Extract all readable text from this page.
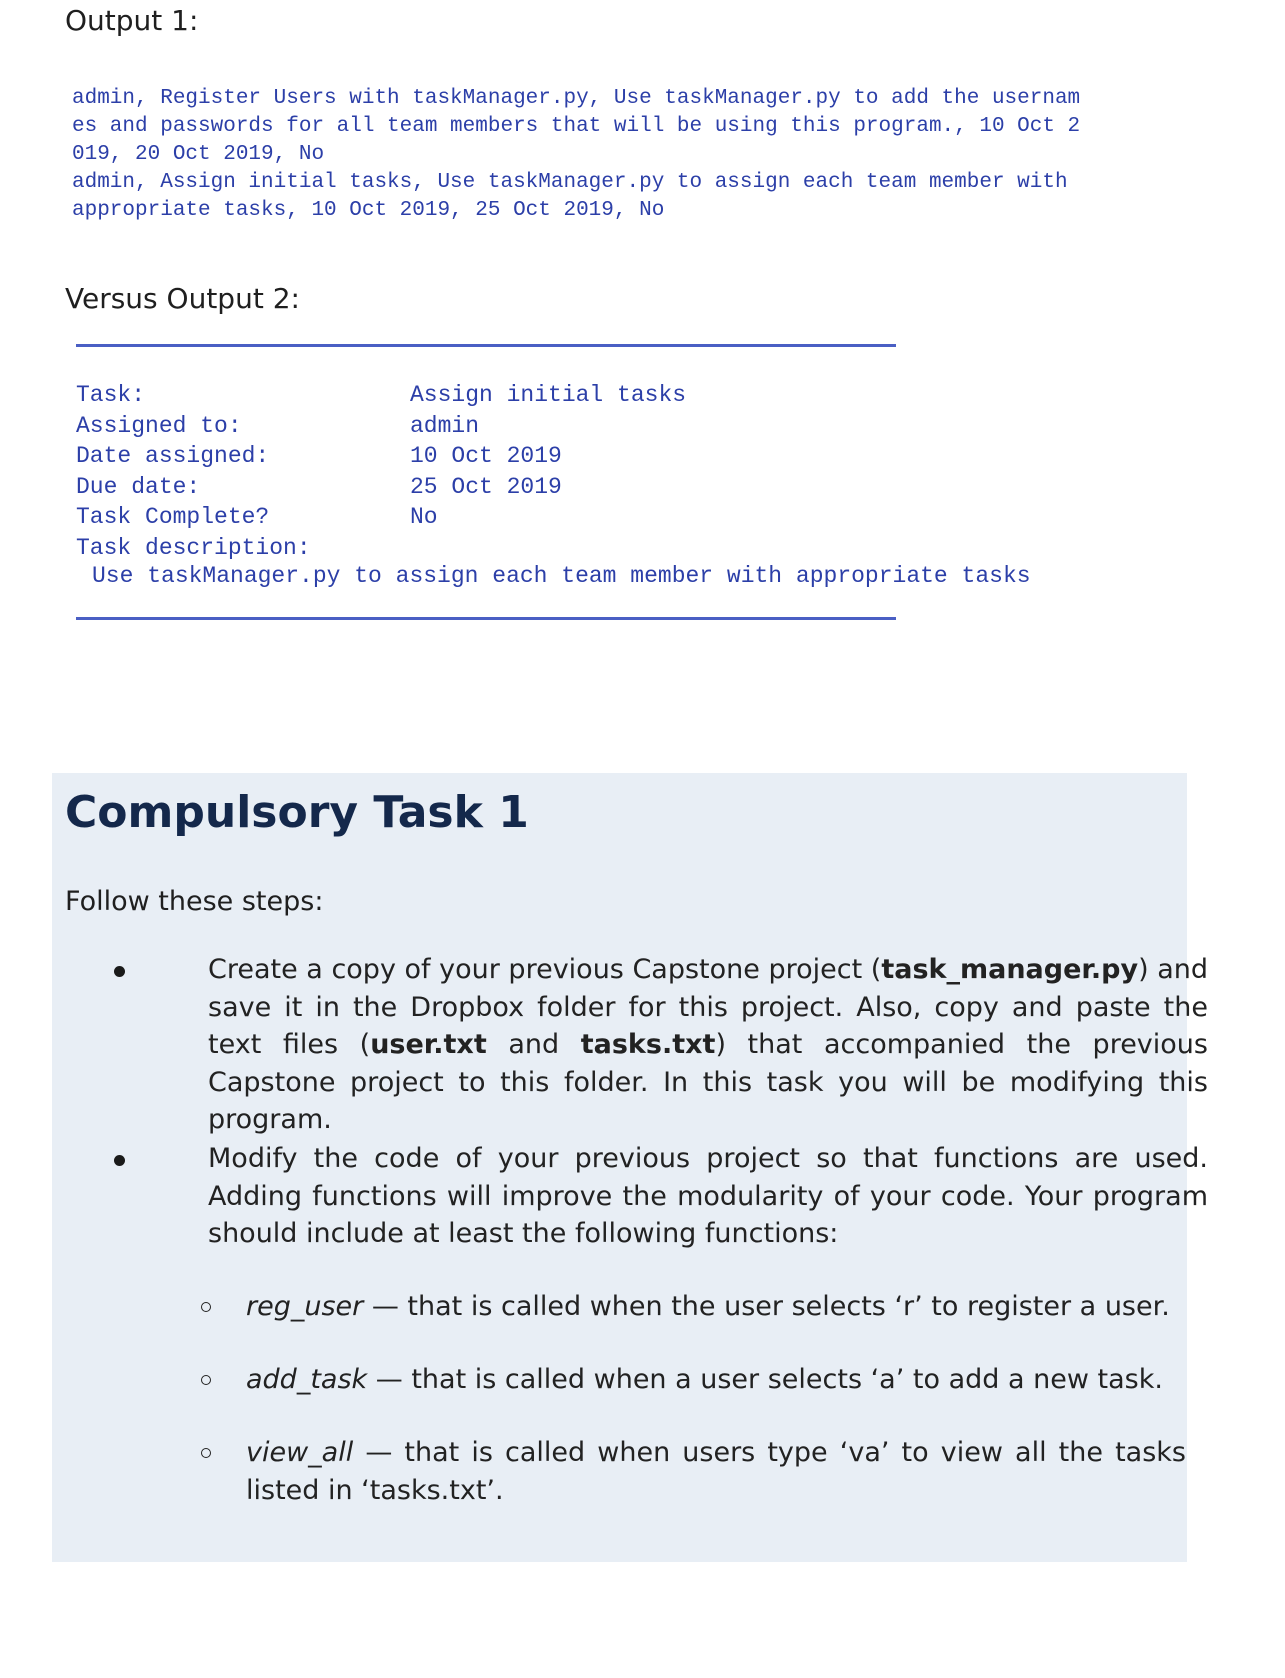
Output 1:
admin, Register Users with taskManager.py, Use taskManager.py to add the usernam
es and passwords for all team members that will be using this program., 10 Oct 2
019, 20 Oct 2019, No
admin, Assign initial tasks, Use taskManager.py to assign each team member with
appropriate tasks, 10 Oct 2019, 25 Oct 2019, No
Versus Output 2:
Task:	Assign initial tasks
Assigned to:	admin
Date assigned:	10 Oct 2019
Due date:	25 Oct 2019
Task Complete?	No
Task description:
Use taskManager.py to assign each team member with appropriate tasks
Compulsory Task 1
Follow these steps:
Create a copy of your previous Capstone project (task_manager.py) and save it in the Dropbox folder for this project. Also, copy and paste the text files (user.txt and tasks.txt) that accompanied the previous Capstone project to this folder. In this task you will be modifying this program.
Modify the code of your previous project so that functions are used. Adding functions will improve the modularity of your code. Your program should include at least the following functions:
reg_user — that is called when the user selects ‘r’ to register a user.
add_task — that is called when a user selects ‘a’ to add a new task.
view_all — that is called when users type ‘va’ to view all the tasks listed in ‘tasks.txt’.
